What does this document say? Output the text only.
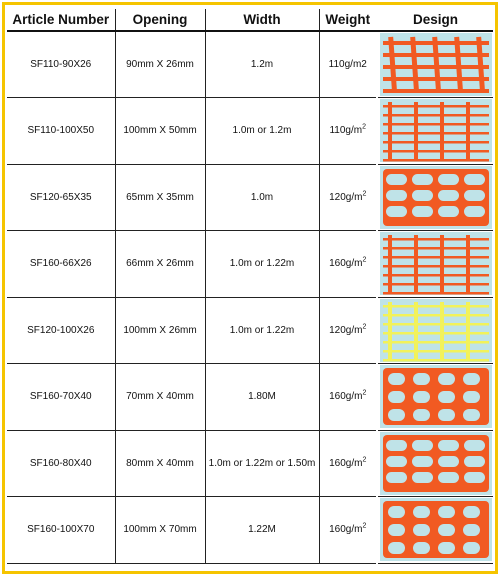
Article Number	Opening	Width	Weight	Design
SF110-90X26	90mm X 26mm	1.2m	110g/m2	

SF110-100X50	100mm X 50mm	1.0m or 1.2m	$110g/m^2$	

SF120-65X35	65mm X 35mm	1.0m	$120g/m^2$	

SF160-66X26	66mm X 26mm	1.0m or 1.22m	$160g/m^2$	

SF120-100X26	100mm X 26mm	1.0m or 1.22m	$120g/m^2$	

SF160-70X40	70mm X 40mm	1.80M	$160g/m^2$	

SF160-80X40	80mm X 40mm	1.0m or 1.22m or 1.50m	$160g/m^2$	

SF160-100X70	100mm X 70mm	1.22M	$160g/m^2$	
